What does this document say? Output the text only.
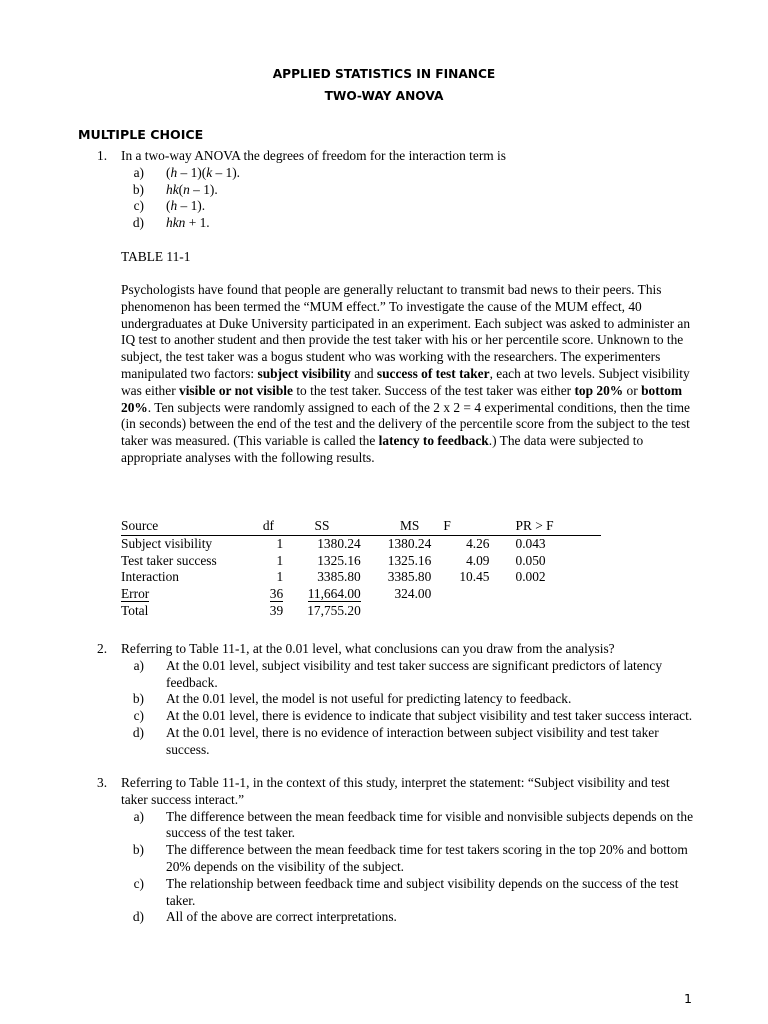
APPLIED STATISTICS IN FINANCE
TWO-WAY ANOVA
MULTIPLE CHOICE
1. In a two-way ANOVA the degrees of freedom for the interaction term is
a) (h – 1)(k – 1).
b) hk(n – 1).
c) (h – 1).
d) hkn + 1.
TABLE 11-1
Psychologists have found that people are generally reluctant to transmit bad news to their peers. This phenomenon has been termed the “MUM effect.” To investigate the cause of the MUM effect, 40 undergraduates at Duke University participated in an experiment. Each subject was asked to administer an IQ test to another student and then provide the test taker with his or her percentile score. Unknown to the subject, the test taker was a bogus student who was working with the researchers. The experimenters manipulated two factors: subject visibility and success of test taker, each at two levels. Subject visibility was either visible or not visible to the test taker. Success of the test taker was either top 20% or bottom 20%. Ten subjects were randomly assigned to each of the 2 x 2 = 4 experimental conditions, then the time (in seconds) between the end of the test and the delivery of the percentile score from the subject to the test taker was measured. (This variable is called the latency to feedback.) The data were subjected to appropriate analyses with the following results.
Source	df	SS	MS	F	PR > F
Subject visibility	1	1380.24	1380.24	4.26	0.043
Test taker success	1	1325.16	1325.16	4.09	0.050
Interaction	1	3385.80	3385.80	10.45	0.002
Error	36	11,664.00	324.00		
Total	39	17,755.20			
2. Referring to Table 11-1, at the 0.01 level, what conclusions can you draw from the analysis?
a) At the 0.01 level, subject visibility and test taker success are significant predictors of latency feedback.
b) At the 0.01 level, the model is not useful for predicting latency to feedback.
c) At the 0.01 level, there is evidence to indicate that subject visibility and test taker success interact.
d) At the 0.01 level, there is no evidence of interaction between subject visibility and test taker success.
3. Referring to Table 11-1, in the context of this study, interpret the statement: “Subject visibility and test taker success interact.”
a) The difference between the mean feedback time for visible and nonvisible subjects depends on the success of the test taker.
b) The difference between the mean feedback time for test takers scoring in the top 20% and bottom 20% depends on the visibility of the subject.
c) The relationship between feedback time and subject visibility depends on the success of the test taker.
d) All of the above are correct interpretations.
1
